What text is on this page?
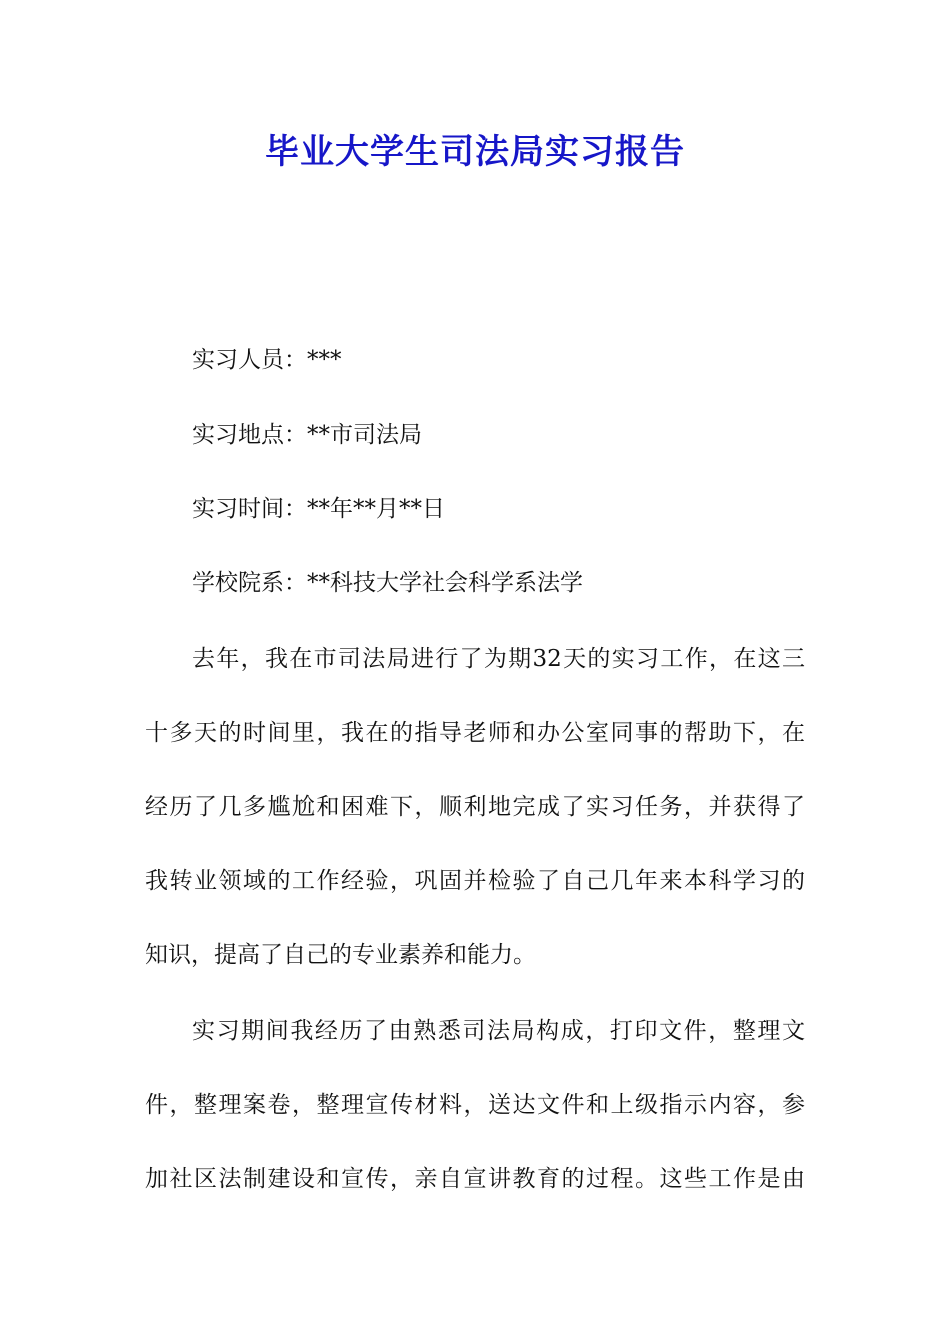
毕业大学生司法局实习报告
实习人员：***
实习地点：**市司法局
实习时间：**年**月**日
学校院系：**科技大学社会科学系法学
去年，我在市司法局进行了为期32天的实习工作，在这三
十多天的时间里，我在的指导老师和办公室同事的帮助下，在
经历了几多尴尬和困难下，顺利地完成了实习任务，并获得了
我转业领域的工作经验，巩固并检验了自己几年来本科学习的
知识，提高了自己的专业素养和能力。
实习期间我经历了由熟悉司法局构成，打印文件，整理文
件，整理案卷，整理宣传材料，送达文件和上级指示内容，参
加社区法制建设和宣传，亲自宣讲教育的过程。这些工作是由
